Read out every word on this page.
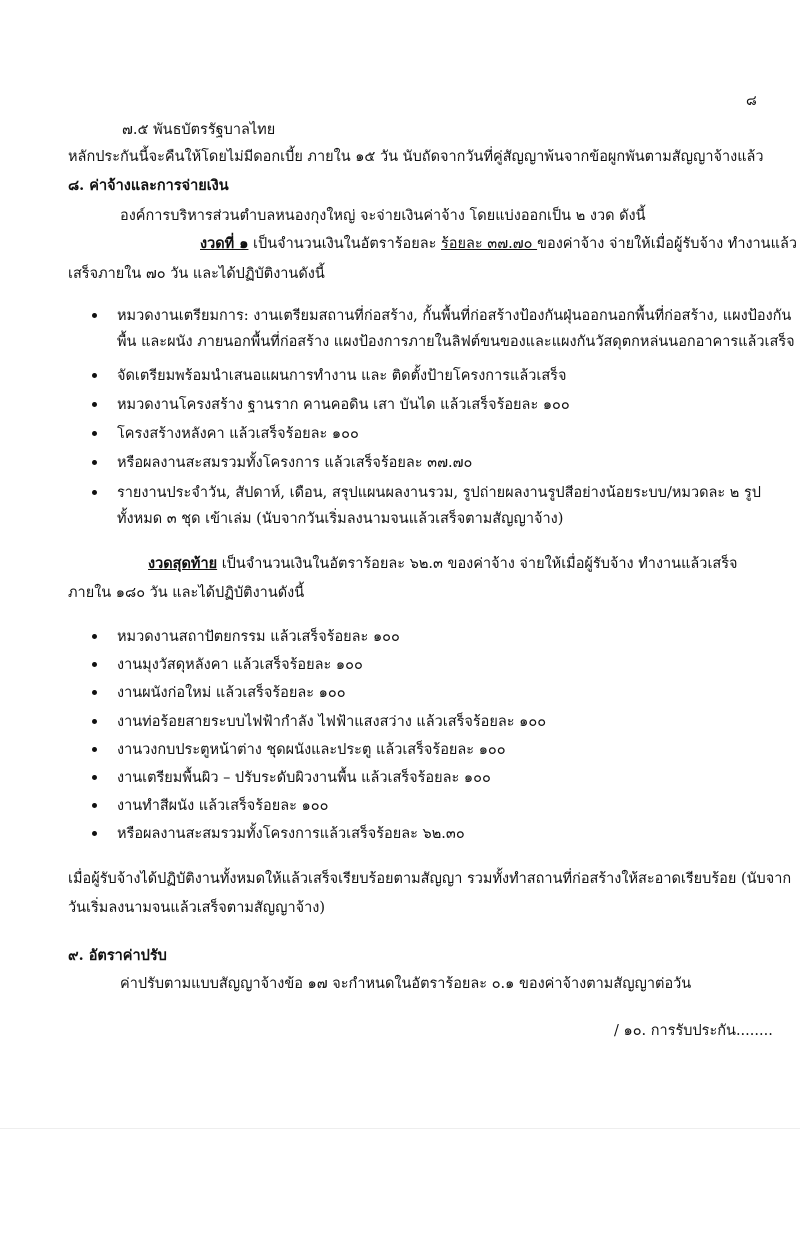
๘
๗.๕ พันธบัตรรัฐบาลไทย
หลักประกันนี้จะคืนให้โดยไม่มีดอกเบี้ย ภายใน ๑๕ วัน นับถัดจากวันที่คู่สัญญาพ้นจากข้อผูกพันตามสัญญาจ้างแล้ว
๘. ค่าจ้างและการจ่ายเงิน
องค์การบริหารส่วนตำบลหนองกุงใหญ่ จะจ่ายเงินค่าจ้าง โดยแบ่งออกเป็น ๒ งวด ดังนี้
งวดที่ ๑ เป็นจำนวนเงินในอัตราร้อยละ ร้อยละ ๓๗.๗๐ ของค่าจ้าง จ่ายให้เมื่อผู้รับจ้าง ทำงานแล้ว
เสร็จภายใน ๗๐ วัน และได้ปฏิบัติงานดังนี้
หมวดงานเตรียมการ: งานเตรียมสถานที่ก่อสร้าง, กั้นพื้นที่ก่อสร้างป้องกันฝุ่นออกนอกพื้นที่ก่อสร้าง, แผงป้องกัน
พื้น และผนัง ภายนอกพื้นที่ก่อสร้าง แผงป้องการภายในลิฟต์ขนของและแผงกันวัสดุตกหล่นนอกอาคารแล้วเสร็จ
จัดเตรียมพร้อมนำเสนอแผนการทำงาน และ ติดตั้งป้ายโครงการแล้วเสร็จ
หมวดงานโครงสร้าง ฐานราก คานคอดิน เสา บันได แล้วเสร็จร้อยละ ๑๐๐
โครงสร้างหลังคา แล้วเสร็จร้อยละ ๑๐๐
หรือผลงานสะสมรวมทั้งโครงการ แล้วเสร็จร้อยละ ๓๗.๗๐
รายงานประจำวัน, สัปดาห์, เดือน, สรุปแผนผลงานรวม, รูปถ่ายผลงานรูปสีอย่างน้อยระบบ/หมวดละ ๒ รูป
ทั้งหมด ๓ ชุด เข้าเล่ม (นับจากวันเริ่มลงนามจนแล้วเสร็จตามสัญญาจ้าง)
งวดสุดท้าย เป็นจำนวนเงินในอัตราร้อยละ ๖๒.๓ ของค่าจ้าง จ่ายให้เมื่อผู้รับจ้าง ทำงานแล้วเสร็จ
ภายใน ๑๘๐ วัน และได้ปฏิบัติงานดังนี้
หมวดงานสถาปัตยกรรม แล้วเสร็จร้อยละ ๑๐๐
งานมุงวัสดุหลังคา แล้วเสร็จร้อยละ ๑๐๐
งานผนังก่อใหม่ แล้วเสร็จร้อยละ ๑๐๐
งานท่อร้อยสายระบบไฟฟ้ากำลัง ไฟฟ้าแสงสว่าง แล้วเสร็จร้อยละ ๑๐๐
งานวงกบประตูหน้าต่าง ชุดผนังและประตู แล้วเสร็จร้อยละ ๑๐๐
งานเตรียมพื้นผิว – ปรับระดับผิวงานพื้น แล้วเสร็จร้อยละ ๑๐๐
งานทำสีผนัง แล้วเสร็จร้อยละ ๑๐๐
หรือผลงานสะสมรวมทั้งโครงการแล้วเสร็จร้อยละ ๖๒.๓๐
เมื่อผู้รับจ้างได้ปฏิบัติงานทั้งหมดให้แล้วเสร็จเรียบร้อยตามสัญญา รวมทั้งทำสถานที่ก่อสร้างให้สะอาดเรียบร้อย (นับจาก
วันเริ่มลงนามจนแล้วเสร็จตามสัญญาจ้าง)
๙. อัตราค่าปรับ
ค่าปรับตามแบบสัญญาจ้างข้อ ๑๗ จะกำหนดในอัตราร้อยละ ๐.๑ ของค่าจ้างตามสัญญาต่อวัน
/ ๑๐. การรับประกัน........
